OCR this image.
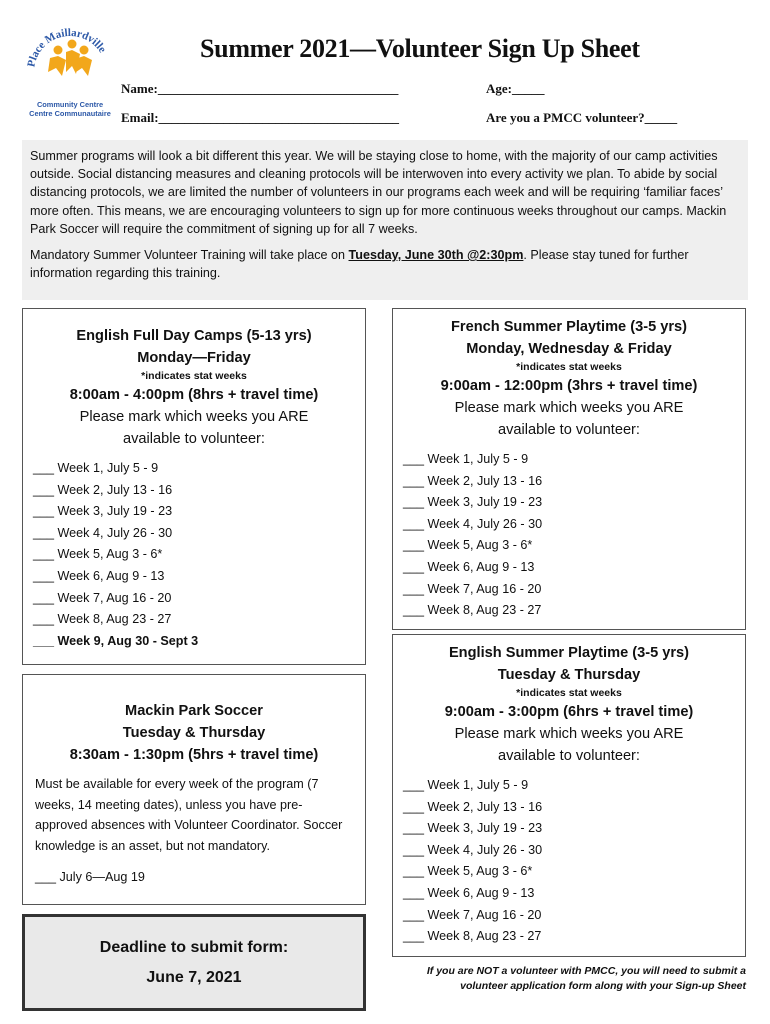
Place Maillardville
Community Centre
Centre Communautaire
Summer 2021—Volunteer Sign Up Sheet
Name:_____________________________________	Age:_____
Email:_____________________________________	Are you a PMCC volunteer?_____

Summer programs will look a bit different this year. We will be staying close to home, with the majority of our camp activities outside. Social distancing measures and cleaning protocols will be interwoven into every activity we plan. To abide by social distancing protocols, we are limited the number of volunteers in our programs each week and will be requiring ‘familiar faces’ more often. This means, we are encouraging volunteers to sign up for more continuous weeks throughout our camps. Mackin Park Soccer will require the commitment of signing up for all 7 weeks.

Mandatory Summer Volunteer Training will take place on Tuesday, June 30th @2:30pm. Please stay tuned for further information regarding this training.

English Full Day Camps (5-13 yrs)
Monday—Friday
*indicates stat weeks
8:00am - 4:00pm (8hrs + travel time)
Please mark which weeks you ARE
available to volunteer:
___ Week 1, July 5 - 9
___ Week 2, July 13 - 16
___ Week 3, July 19 - 23
___ Week 4, July 26 - 30
___ Week 5, Aug 3 - 6*
___ Week 6, Aug 9 - 13
___ Week 7, Aug 16 - 20
___ Week 8, Aug 23 - 27
___ Week 9, Aug 30 - Sept 3
French Summer Playtime (3-5 yrs)
Monday, Wednesday & Friday
*indicates stat weeks
9:00am - 12:00pm (3hrs + travel time)
Please mark which weeks you ARE
available to volunteer:
___ Week 1, July 5 - 9
___ Week 2, July 13 - 16
___ Week 3, July 19 - 23
___ Week 4, July 26 - 30
___ Week 5, Aug 3 - 6*
___ Week 6, Aug 9 - 13
___ Week 7, Aug 16 - 20
___ Week 8, Aug 23 - 27
Mackin Park Soccer
Tuesday & Thursday
8:30am - 1:30pm (5hrs + travel time)
Must be available for every week of the program (7 weeks, 14 meeting dates), unless you have pre-approved absences with Volunteer Coordinator. Soccer knowledge is an asset, but not mandatory.
___ July 6—Aug 19
English Summer Playtime (3-5 yrs)
Tuesday & Thursday
*indicates stat weeks
9:00am - 3:00pm (6hrs + travel time)
Please mark which weeks you ARE
available to volunteer:
___ Week 1, July 5 - 9
___ Week 2, July 13 - 16
___ Week 3, July 19 - 23
___ Week 4, July 26 - 30
___ Week 5, Aug 3 - 6*
___ Week 6, Aug 9 - 13
___ Week 7, Aug 16 - 20
___ Week 8, Aug 23 - 27
Deadline to submit form:
June 7, 2021	If you are NOT a volunteer with PMCC, you will need to submit a
volunteer application form along with your Sign-up Sheet
